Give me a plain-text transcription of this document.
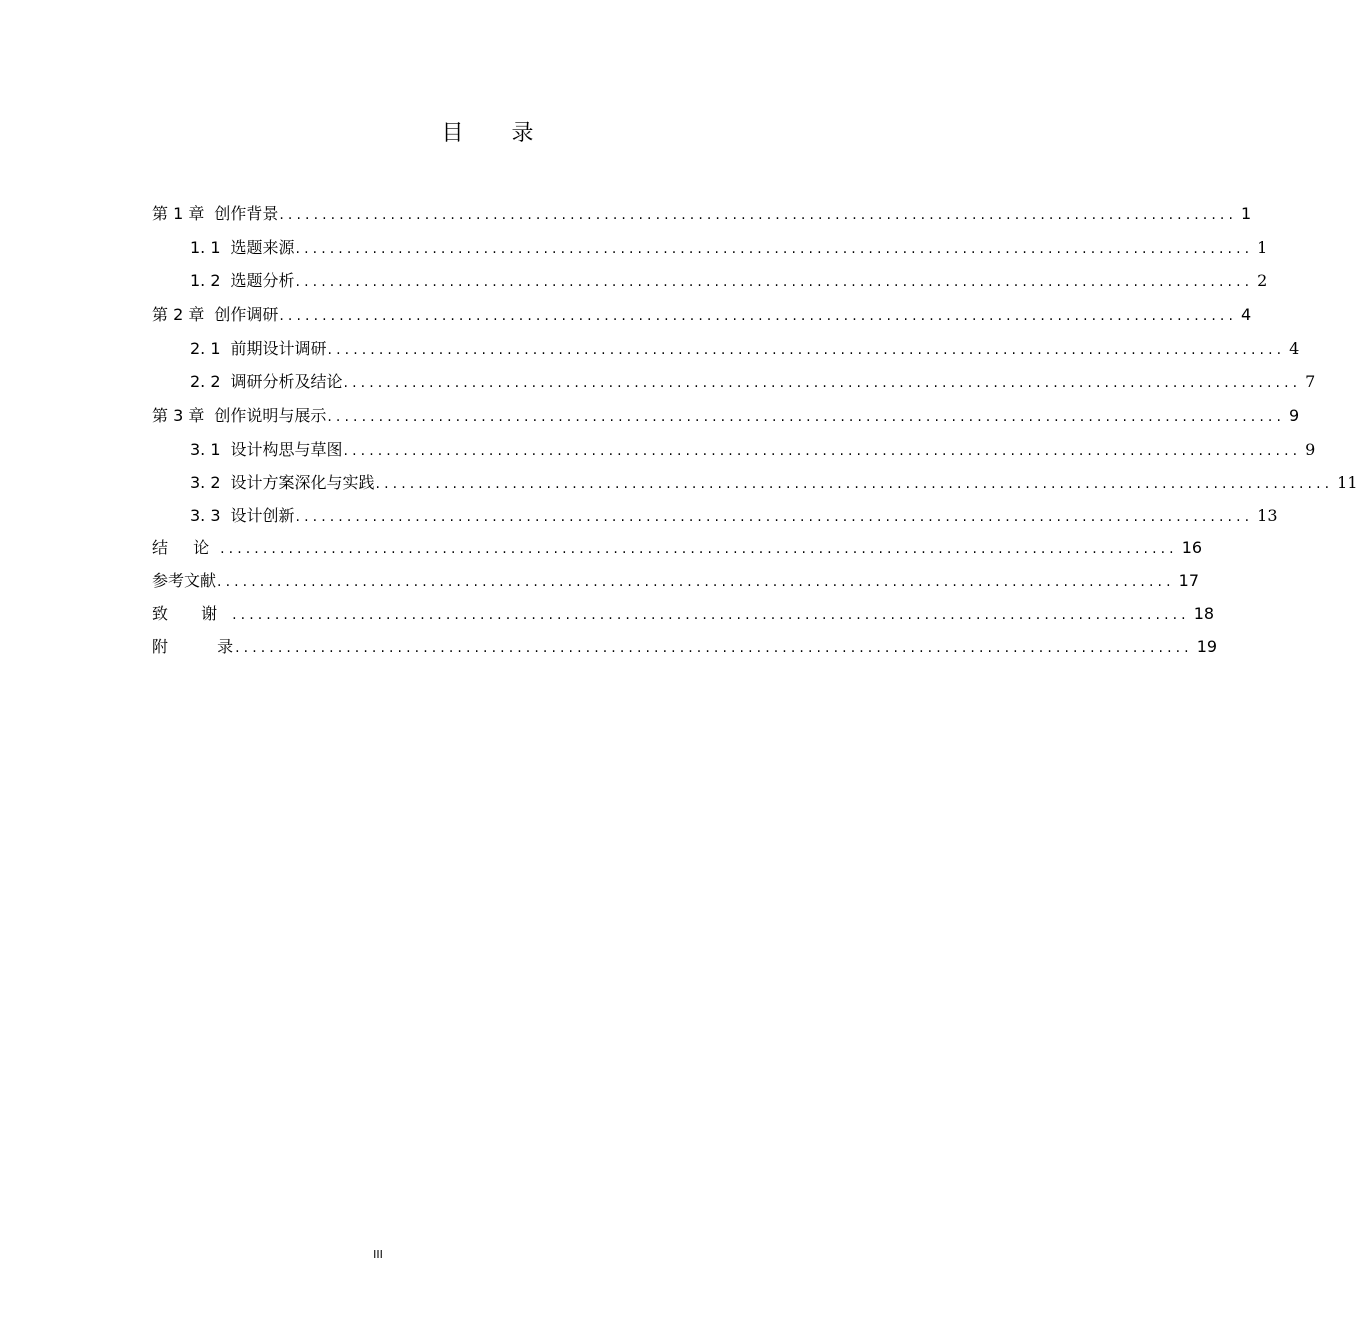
目 录
第 1 章 创作背景 ................................................................................................................ 1
1. 1 选题来源 ................................................................................................................ 1
1. 2 选题分析 ................................................................................................................ 2
第 2 章 创作调研 ................................................................................................................ 4
2. 1 前期设计调研 ................................................................................................................ 4
2. 2 调研分析及结论 ................................................................................................................ 7
第 3 章 创作说明与展示 ................................................................................................................ 9
3. 1 设计构思与草图 ................................................................................................................ 9
3. 2 设计方案深化与实践 ................................................................................................................ 11
3. 3 设计创新 ................................................................................................................ 13
结 论 ................................................................................................................ 16
参考文献 ................................................................................................................ 17
致 谢 ................................................................................................................ 18
附 录
................................................................................................................ 19
III
